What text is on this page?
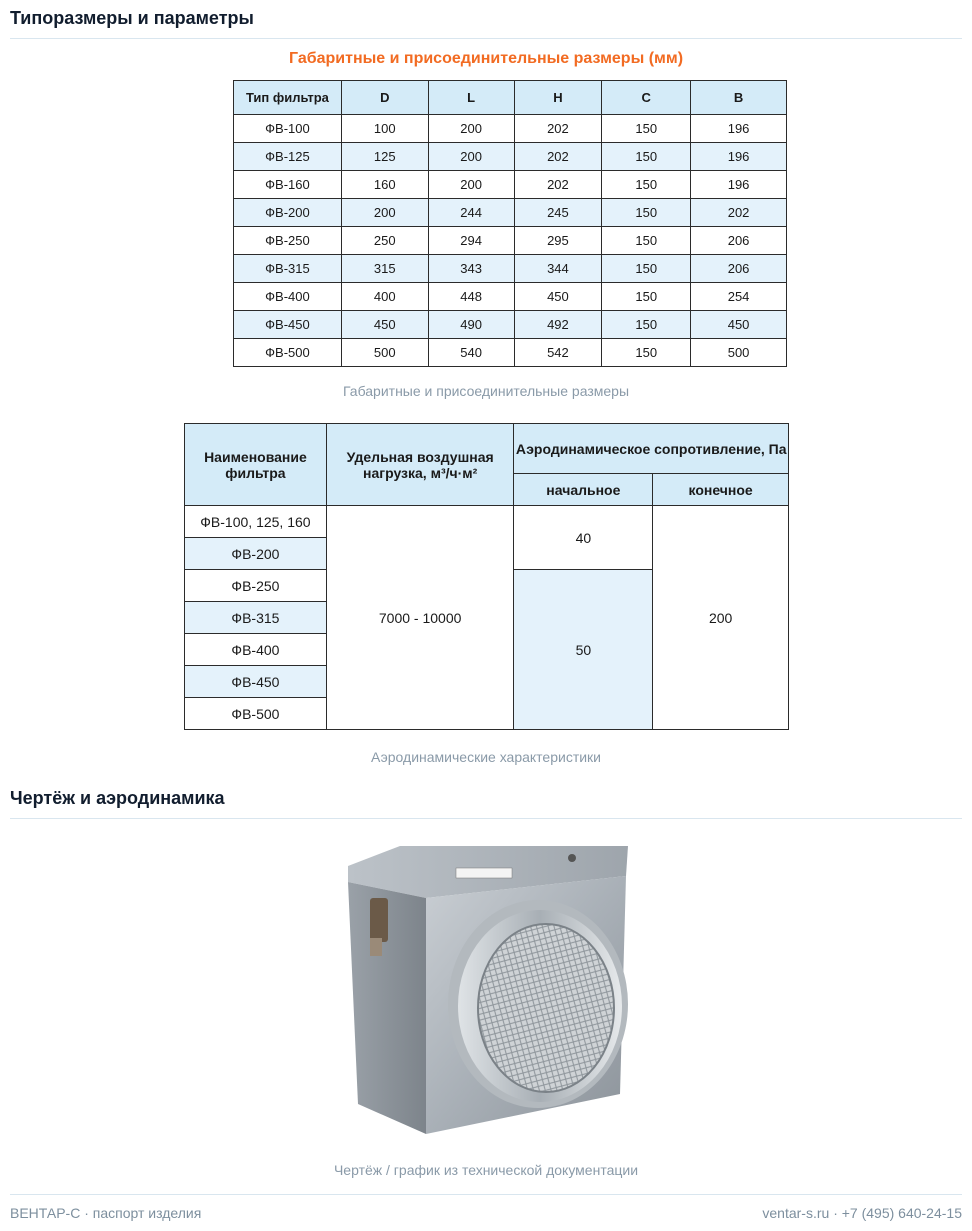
Типоразмеры и параметры
Габаритные и присоединительные размеры (мм)
Тип фильтра	D	L	H	C	B
ФВ-100	100	200	202	150	196
ФВ-125	125	200	202	150	196
ФВ-160	160	200	202	150	196
ФВ-200	200	244	245	150	202
ФВ-250	250	294	295	150	206
ФВ-315	315	343	344	150	206
ФВ-400	400	448	450	150	254
ФВ-450	450	490	492	150	450
ФВ-500	500	540	542	150	500
Габаритные и присоединительные размеры
Наименование фильтра	Удельная воздушная нагрузка, м³/ч·м²	Аэродинамическое сопротивление, Па	
		начальное	конечное
ФВ-100, 125, 160	7000 - 10000	40	200
ФВ-200			
ФВ-250		50	
ФВ-315			
ФВ-400			
ФВ-450			
ФВ-500			
Аэродинамические характеристики
Чертёж и аэродинамика
Чертёж / график из технической документации
ВЕНТАР-С · паспорт изделия	ventar-s.ru · +7 (495) 640-24-15
